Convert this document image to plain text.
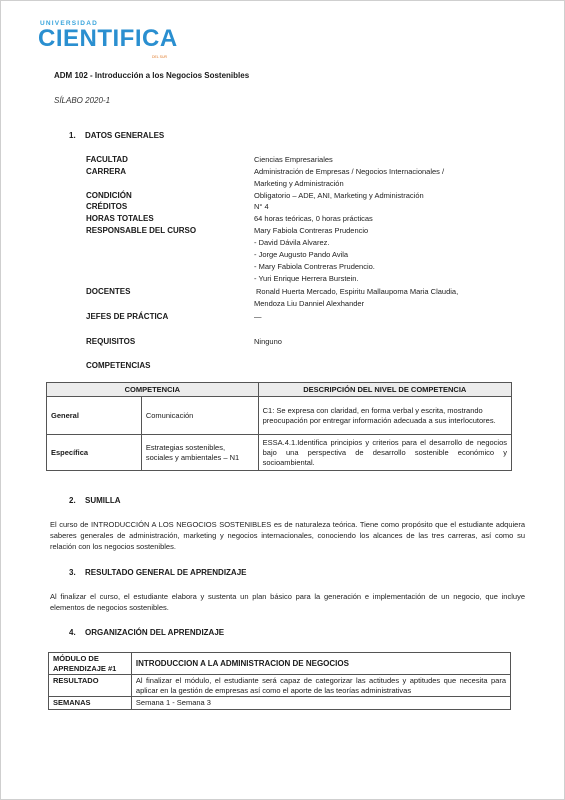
UNIVERSIDAD
CIENTIFICA
DEL SUR
ADM 102 - Introducción a los Negocios Sostenibles
SÍLABO 2020-1
1. DATOS GENERALES
FACULTAD	Ciencias Empresariales
CARRERA	Administración de Empresas / Negocios Internacionales /
Marketing y Administración
CONDICIÓN	Obligatorio – ADE, ANI, Marketing y Administración
CRÉDITOS	N° 4
HORAS TOTALES	64 horas teóricas, 0 horas prácticas
RESPONSABLE DEL CURSO	Mary Fabiola Contreras Prudencio
- David Dávila Alvarez.
- Jorge Augusto Pando Avila
- Mary Fabiola Contreras Prudencio.
- Yuri Enrique Herrera Burstein.
DOCENTES	Ronald Huerta Mercado, Espiritu Mallaupoma Maria Claudia,
Mendoza Liu Danniel Alexhander
JEFES DE PRÁCTICA	—
REQUISITOS	Ninguno
COMPETENCIAS
COMPETENCIA		DESCRIPCIÓN DEL NIVEL DE COMPETENCIA
General	Comunicación	C1: Se expresa con claridad, en forma verbal y escrita, mostrando preocupación por entregar información adecuada a sus interlocutores.
Específica	Estrategias sostenibles, sociales y ambientales – N1	ESSA.4.1.Identifica principios y criterios para el desarrollo de negocios bajo una perspectiva de desarrollo sostenible económico y socioambiental.
2. SUMILLA
El curso de INTRODUCCIÓN A LOS NEGOCIOS SOSTENIBLES es de naturaleza teórica. Tiene como propósito que el estudiante adquiera saberes generales de administración, marketing y negocios internacionales, conociendo los alcances de las tres carreras, así como su relación con los negocios sostenibles.
3. RESULTADO GENERAL DE APRENDIZAJE
Al finalizar el curso, el estudiante elabora y sustenta un plan básico para la generación e implementación de un negocio, que incluye elementos de negocios sostenibles.
4. ORGANIZACIÓN DEL APRENDIZAJE
MÓDULO DE APRENDIZAJE #1	INTRODUCCION A LA ADMINISTRACION DE NEGOCIOS
RESULTADO	Al finalizar el módulo, el estudiante será capaz de categorizar las actitudes y aptitudes que necesita para aplicar en la gestión de empresas así como el aporte de las teorías administrativas
SEMANAS	Semana 1 - Semana 3
